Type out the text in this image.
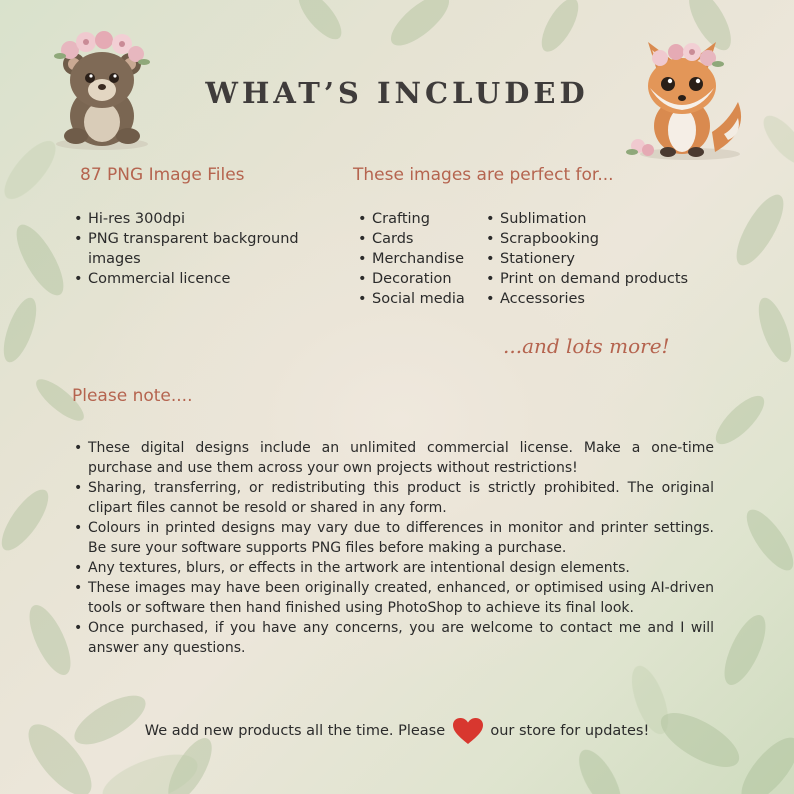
WHAT’S INCLUDED
87 PNG Image Files
• Hi-res 300dpi
• PNG transparent background images
• Commercial licence
These images are perfect for...
• Crafting
• Cards
• Merchandise
• Decoration
• Social media
• Sublimation
• Scrapbooking
• Stationery
• Print on demand products
• Accessories
...and lots more!
Please note....
• These digital designs include an unlimited commercial license. Make a one-time purchase and use them across your own projects without restrictions!
• Sharing, transferring, or redistributing this product is strictly prohibited. The original clipart files cannot be resold or shared in any form.
• Colours in printed designs may vary due to differences in monitor and printer settings. Be sure your software supports PNG files before making a purchase.
• Any textures, blurs, or effects in the artwork are intentional design elements.
• These images may have been originally created, enhanced, or optimised using AI-driven tools or software then hand finished using PhotoShop to achieve its final look.
• Once purchased, if you have any concerns, you are welcome to contact me and I will answer any questions.
We add new products all the time. Please	our store for updates!
